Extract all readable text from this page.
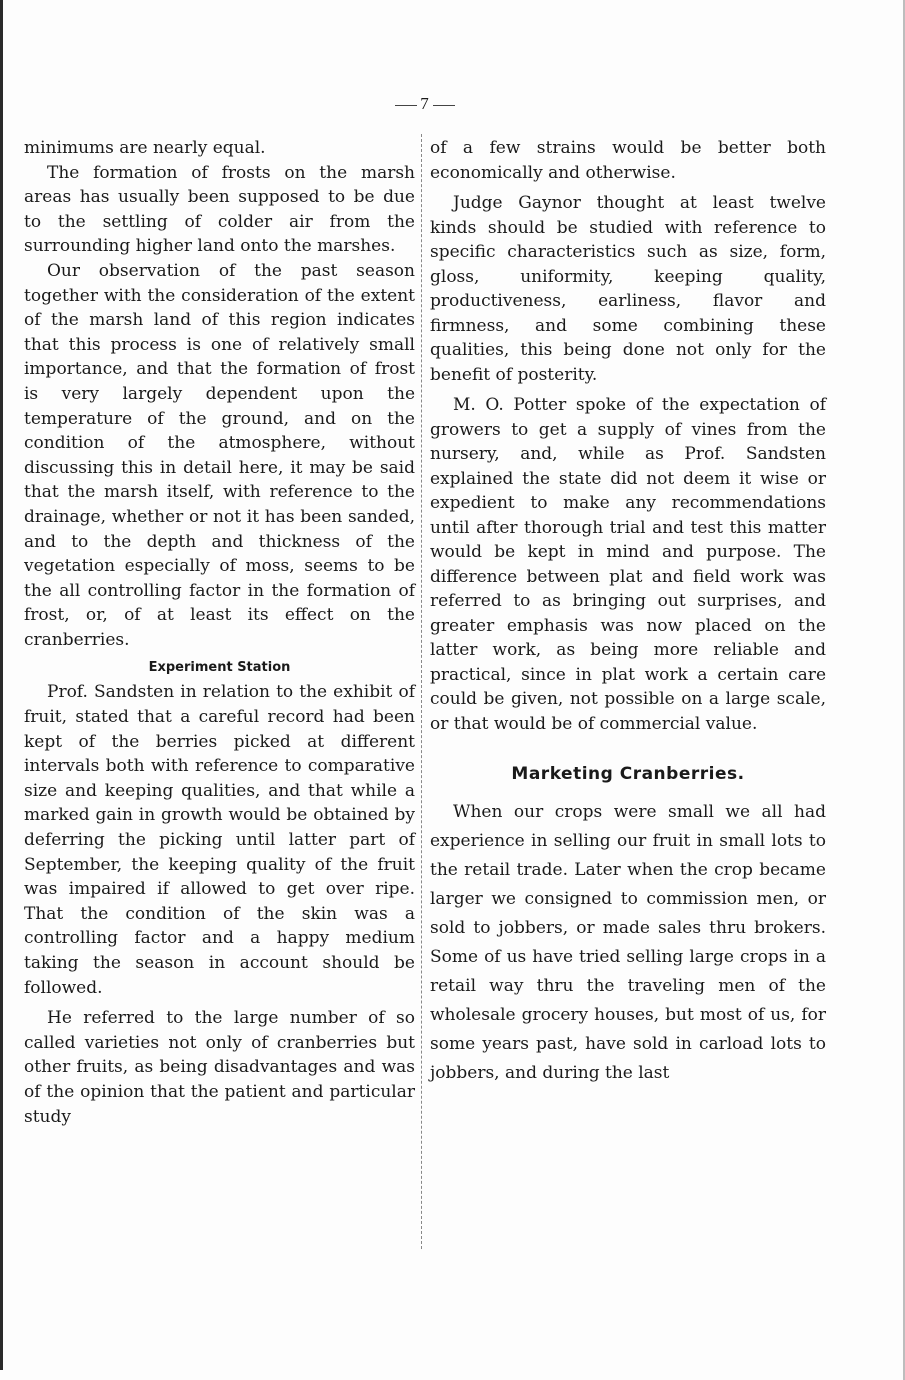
7

minimums are nearly equal.

The formation of frosts on the marsh areas has usually been supposed to be due to the settling of colder air from the surrounding higher land onto the marshes.

Our observation of the past season together with the consideration of the extent of the marsh land of this region indicates that this process is one of relatively small importance, and that the formation of frost is very largely dependent upon the temperature of the ground, and on the condition of the atmosphere, without discussing this in detail here, it may be said that the marsh itself, with reference to the drainage, whether or not it has been sanded, and to the depth and thickness of the vegetation especially of moss, seems to be the all controlling factor in the formation of frost, or, of at least its effect on the cranberries.

Experiment Station

Prof. Sandsten in relation to the exhibit of fruit, stated that a careful record had been kept of the berries picked at different intervals both with reference to comparative size and keeping qualities, and that while a marked gain in growth would be obtained by deferring the picking until latter part of September, the keeping quality of the fruit was impaired if allowed to get over ripe. That the condition of the skin was a controlling factor and a happy medium taking the season in account should be followed.

He referred to the large number of so called varieties not only of cranberries but other fruits, as being disadvantages and was of the opinion that the patient and particular study

of a few strains would be better both economically and otherwise.

Judge Gaynor thought at least twelve kinds should be studied with reference to specific characteristics such as size, form, gloss, uniformity, keeping quality, productiveness, earliness, flavor and firmness, and some combining these qualities, this being done not only for the benefit of posterity.

M. O. Potter spoke of the expectation of growers to get a supply of vines from the nursery, and, while as Prof. Sandsten explained the state did not deem it wise or expedient to make any recommendations until after thorough trial and test this matter would be kept in mind and purpose. The difference between plat and field work was referred to as bringing out surprises, and greater emphasis was now placed on the latter work, as being more reliable and practical, since in plat work a certain care could be given, not possible on a large scale, or that would be of commercial value.

Marketing Cranberries.

When our crops were small we all had experience in selling our fruit in small lots to the retail trade. Later when the crop became larger we consigned to commission men, or sold to jobbers, or made sales thru brokers. Some of us have tried selling large crops in a retail way thru the traveling men of the wholesale grocery houses, but most of us, for some years past, have sold in carload lots to jobbers, and during the last
